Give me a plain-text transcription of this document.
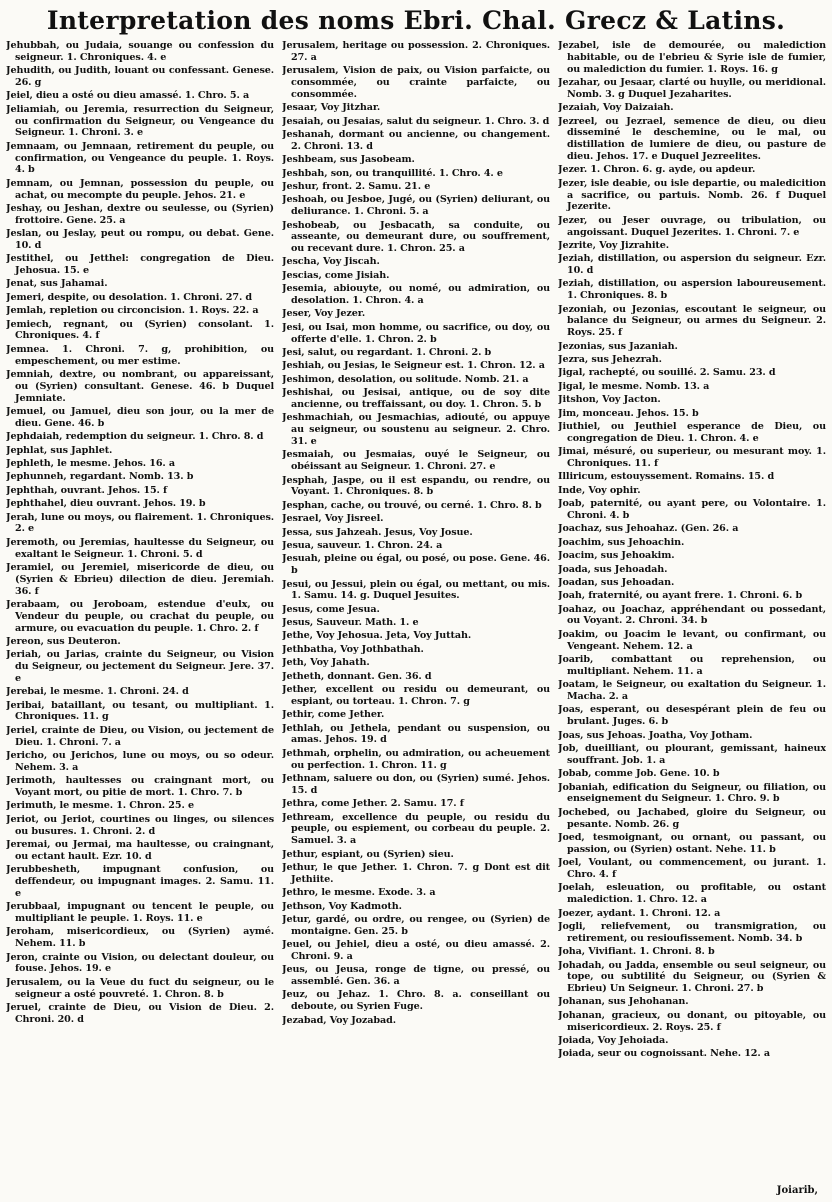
Interpretation des noms Ebri. Chal. Grecz & Latins.

Jehubbah, ou Judaia, souange ou confession du seigneur. 1. Chroniques. 4. e

Jehudith, ou Judith, louant ou confessant. Genese. 26. g

Jeiel, dieu a osté ou dieu amassé. 1. Chro. 5. a

Jeliamiah, ou Jeremia, resurrection du Seigneur, ou confirmation du Seigneur, ou Vengeance du Seigneur. 1. Chroni. 3. e

Jemnaam, ou Jemnaan, retirement du peuple, ou confirmation, ou Vengeance du peuple. 1. Roys. 4. b

Jemnam, ou Jemnan, possession du peuple, ou achat, ou mecompte du peuple. Jehos. 21. e

Jeshay, ou Jeshan, dextre ou seulesse, ou (Syrien) frottoire. Gene. 25. a

Jeslan, ou Jeslay, peut ou rompu, ou debat. Gene. 10. d

Jestithel, ou Jetthel: congregation de Dieu. Jehosua. 15. e

Jenat, sus Jahamai.

Jemeri, despite, ou desolation. 1. Chroni. 27. d

Jemlah, repletion ou circoncision. 1. Roys. 22. a

Jemiech, regnant, ou (Syrien) consolant. 1. Chroniques. 4. f

Jemnea. 1. Chroni. 7. g, prohibition, ou empeschement, ou mer estime.

Jemniah, dextre, ou nombrant, ou appareissant, ou (Syrien) consultant. Genese. 46. b Duquel Jemniate.

Jemuel, ou Jamuel, dieu son jour, ou la mer de dieu. Gene. 46. b

Jephdaiah, redemption du seigneur. 1. Chro. 8. d

Jephlat, sus Japhlet.

Jephleth, le mesme. Jehos. 16. a

Jephunneh, regardant. Nomb. 13. b

Jephthah, ouvrant. Jehos. 15. f

Jephthahel, dieu ouvrant. Jehos. 19. b

Jerah, lune ou moys, ou flairement. 1. Chroniques. 2. e

Jeremoth, ou Jeremias, haultesse du Seigneur, ou exaltant le Seigneur. 1. Chroni. 5. d

Jeramiel, ou Jeremiel, misericorde de dieu, ou (Syrien & Ebrieu) dilection de dieu. Jeremiah. 36. f

Jerabaam, ou Jeroboam, estendue d'eulx, ou Vendeur du peuple, ou crachat du peuple, ou armure, ou evacuation du peuple. 1. Chro. 2. f

Jereon, sus Deuteron.

Jeriah, ou Jarias, crainte du Seigneur, ou Vision du Seigneur, ou jectement du Seigneur. Jere. 37. e

Jerebai, le mesme. 1. Chroni. 24. d

Jeribai, bataillant, ou tesant, ou multipliant. 1. Chroniques. 11. g

Jeriel, crainte de Dieu, ou Vision, ou jectement de Dieu. 1. Chroni. 7. a

Jericho, ou Jerichos, lune ou moys, ou so odeur. Nehem. 3. a

Jerimoth, haultesses ou craingnant mort, ou Voyant mort, ou pitie de mort. 1. Chro. 7. b

Jerimuth, le mesme. 1. Chron. 25. e

Jeriot, ou Jeriot, courtines ou linges, ou silences ou busures. 1. Chroni. 2. d

Jeremai, ou Jermai, ma haultesse, ou craingnant, ou ectant hault. Ezr. 10. d

Jerubbesheth, impugnant confusion, ou deffendeur, ou impugnant images. 2. Samu. 11. e

Jerubbaal, impugnant ou tencent le peuple, ou multipliant le peuple. 1. Roys. 11. e

Jeroham, misericordieux, ou (Syrien) aymé. Nehem. 11. b

Jeron, crainte ou Vision, ou delectant douleur, ou fouse. Jehos. 19. e

Jerusalem, ou la Veue du fuct du seigneur, ou le seigneur a osté pouvreté. 1. Chron. 8. b

Jeruel, crainte de Dieu, ou Vision de Dieu. 2. Chroni. 20. d

Jerusalem, heritage ou possession. 2. Chroniques. 27. a

Jerusalem, Vision de paix, ou Vision parfaicte, ou consommée, ou crainte parfaicte, ou consommée.

Jesaar, Voy Jitzhar.

Jesaiah, ou Jesaias, salut du seigneur. 1. Chro. 3. d

Jeshanah, dormant ou ancienne, ou changement. 2. Chroni. 13. d

Jeshbeam, sus Jasobeam.

Jeshbah, son, ou tranquillité. 1. Chro. 4. e

Jeshur, front. 2. Samu. 21. e

Jeshoah, ou Jesboe, Jugé, ou (Syrien) deliurant, ou deliurance. 1. Chroni. 5. a

Jeshobeab, ou Jesbacath, sa conduite, ou asseante, ou demeurant dure, ou souffrement, ou recevant dure. 1. Chron. 25. a

Jescha, Voy Jiscah.

Jescias, come Jisiah.

Jesemia, abiouyte, ou nomé, ou admiration, ou desolation. 1. Chron. 4. a

Jeser, Voy Jezer.

Jesi, ou Isai, mon homme, ou sacrifice, ou doy, ou offerte d'elle. 1. Chron. 2. b

Jesi, salut, ou regardant. 1. Chroni. 2. b

Jeshiah, ou Jesias, le Seigneur est. 1. Chron. 12. a

Jeshimon, desolation, ou solitude. Nomb. 21. a

Jeshishai, ou Jesisai, antique, ou de soy dite ancienne, ou treffaissant, ou doy. 1. Chron. 5. b

Jeshmachiah, ou Jesmachias, adiouté, ou appuye au seigneur, ou soustenu au seigneur. 2. Chro. 31. e

Jesmaiah, ou Jesmaias, ouyé le Seigneur, ou obéissant au Seigneur. 1. Chroni. 27. e

Jesphah, Jaspe, ou il est espandu, ou rendre, ou Voyant. 1. Chroniques. 8. b

Jesphan, cache, ou trouvé, ou cerné. 1. Chro. 8. b

Jesrael, Voy Jisreel.

Jessa, sus Jahzeah. Jesus, Voy Josue.

Jesua, sauveur. 1. Chron. 24. a

Jesuah, pleine ou égal, ou posé, ou pose. Gene. 46. b

Jesui, ou Jessui, plein ou égal, ou mettant, ou mis. 1. Samu. 14. g. Duquel Jesuites.

Jesus, come Jesua.

Jesus, Sauveur. Math. 1. e

Jethe, Voy Jehosua. Jeta, Voy Juttah.

Jethbatha, Voy Jothbathah.

Jeth, Voy Jahath.

Jetheth, donnant. Gen. 36. d

Jether, excellent ou residu ou demeurant, ou espiant, ou torteau. 1. Chron. 7. g

Jethir, come Jether.

Jethlah, ou Jethela, pendant ou suspension, ou amas. Jehos. 19. d

Jethmah, orphelin, ou admiration, ou acheuement ou perfection. 1. Chron. 11. g

Jethnam, saluere ou don, ou (Syrien) sumé. Jehos. 15. d

Jethra, come Jether. 2. Samu. 17. f

Jethream, excellence du peuple, ou residu du peuple, ou espiement, ou corbeau du peuple. 2. Samuel. 3. a

Jethur, espiant, ou (Syrien) sieu.

Jethur, le que Jether. 1. Chron. 7. g Dont est dit Jethiite.

Jethro, le mesme. Exode. 3. a

Jethson, Voy Kadmoth.

Jetur, gardé, ou ordre, ou rengee, ou (Syrien) de montaigne. Gen. 25. b

Jeuel, ou Jehiel, dieu a osté, ou dieu amassé. 2. Chroni. 9. a

Jeus, ou Jeusa, ronge de tigne, ou pressé, ou assemblé. Gen. 36. a

Jeuz, ou Jehaz. 1. Chro. 8. a. conseillant ou deboute, ou Syrien Fuge.

Jezabad, Voy Jozabad.

Jezabel, isle de demourée, ou malediction habitable, ou de l'ebrieu & Syrie isle de fumier, ou malediction du fumier. 1. Roys. 16. g

Jezahar, ou Jesaar, clarté ou huylle, ou meridional. Nomb. 3. g Duquel Jezaharites.

Jezaiah, Voy Daizaiah.

Jezreel, ou Jezrael, semence de dieu, ou dieu disseminé le deschemine, ou le mal, ou distillation de lumiere de dieu, ou pasture de dieu. Jehos. 17. e Duquel Jezreelites.

Jezer. 1. Chron. 6. g. ayde, ou apdeur.

Jezer, isle deabie, ou isle departie, ou maledicition a sacrifice, ou partuis. Nomb. 26. f Duquel Jezerite.

Jezer, ou Jeser ouvrage, ou tribulation, ou angoissant. Duquel Jezerites. 1. Chroni. 7. e

Jezrite, Voy Jizrahite.

Jeziah, distillation, ou aspersion du seigneur. Ezr. 10. d

Jeziah, distillation, ou aspersion laboureusement. 1. Chroniques. 8. b

Jezoniah, ou Jezonias, escoutant le seigneur, ou balance du Seigneur, ou armes du Seigneur. 2. Roys. 25. f

Jezonias, sus Jazaniah.

Jezra, sus Jehezrah.

Jigal, rachepté, ou souillé. 2. Samu. 23. d

Jigal, le mesme. Nomb. 13. a

Jitshon, Voy Jacton.

Jim, monceau. Jehos. 15. b

Jiuthiel, ou Jeuthiel esperance de Dieu, ou congregation de Dieu. 1. Chron. 4. e

Jimai, mésuré, ou superieur, ou mesurant moy. 1. Chroniques. 11. f

Illiricum, estouyssement. Romains. 15. d

Inde, Voy ophir.

Joab, paternité, ou ayant pere, ou Volontaire. 1. Chroni. 4. b

Joachaz, sus Jehoahaz. (Gen. 26. a

Joachim, sus Jehoachin.

Joacim, sus Jehoakim.

Joada, sus Jehoadah.

Joadan, sus Jehoadan.

Joah, fraternité, ou ayant frere. 1. Chroni. 6. b

Joahaz, ou Joachaz, appréhendant ou possedant, ou Voyant. 2. Chroni. 34. b

Joakim, ou Joacim le levant, ou confirmant, ou Vengeant. Nehem. 12. a

Joarib, combattant ou reprehension, ou multipliant. Nehem. 11. a

Joatam, le Seigneur, ou exaltation du Seigneur. 1. Macha. 2. a

Joas, esperant, ou desespérant plein de feu ou brulant. Juges. 6. b

Joas, sus Jehoas. Joatha, Voy Jotham.

Job, dueilliant, ou plourant, gemissant, haineux souffrant. Job. 1. a

Jobab, comme Job. Gene. 10. b

Jobaniah, edification du Seigneur, ou filiation, ou enseignement du Seigneur. 1. Chro. 9. b

Jochebed, ou Jachabed, gloire du Seigneur, ou pesante. Nomb. 26. g

Joed, tesmoignant, ou ornant, ou passant, ou passion, ou (Syrien) ostant. Nehe. 11. b

Joel, Voulant, ou commencement, ou jurant. 1. Chro. 4. f

Joelah, esleuation, ou profitable, ou ostant malediction. 1. Chro. 12. a

Joezer, aydant. 1. Chroni. 12. a

Jogli, reliefvement, ou transmigration, ou retirement, ou resioufissement. Nomb. 34. b

Joha, Vivifiant. 1. Chroni. 8. b

Johadah, ou Jadda, ensemble ou seul seigneur, ou tope, ou subtilité du Seigneur, ou (Syrien & Ebrieu) Un Seigneur. 1. Chroni. 27. b

Johanan, sus Jehohanan.

Johanan, gracieux, ou donant, ou pitoyable, ou misericordieux. 2. Roys. 25. f

Joiada, Voy Jehoiada.

Joiada, seur ou cognoissant. Nehe. 12. a

Joiarib,
